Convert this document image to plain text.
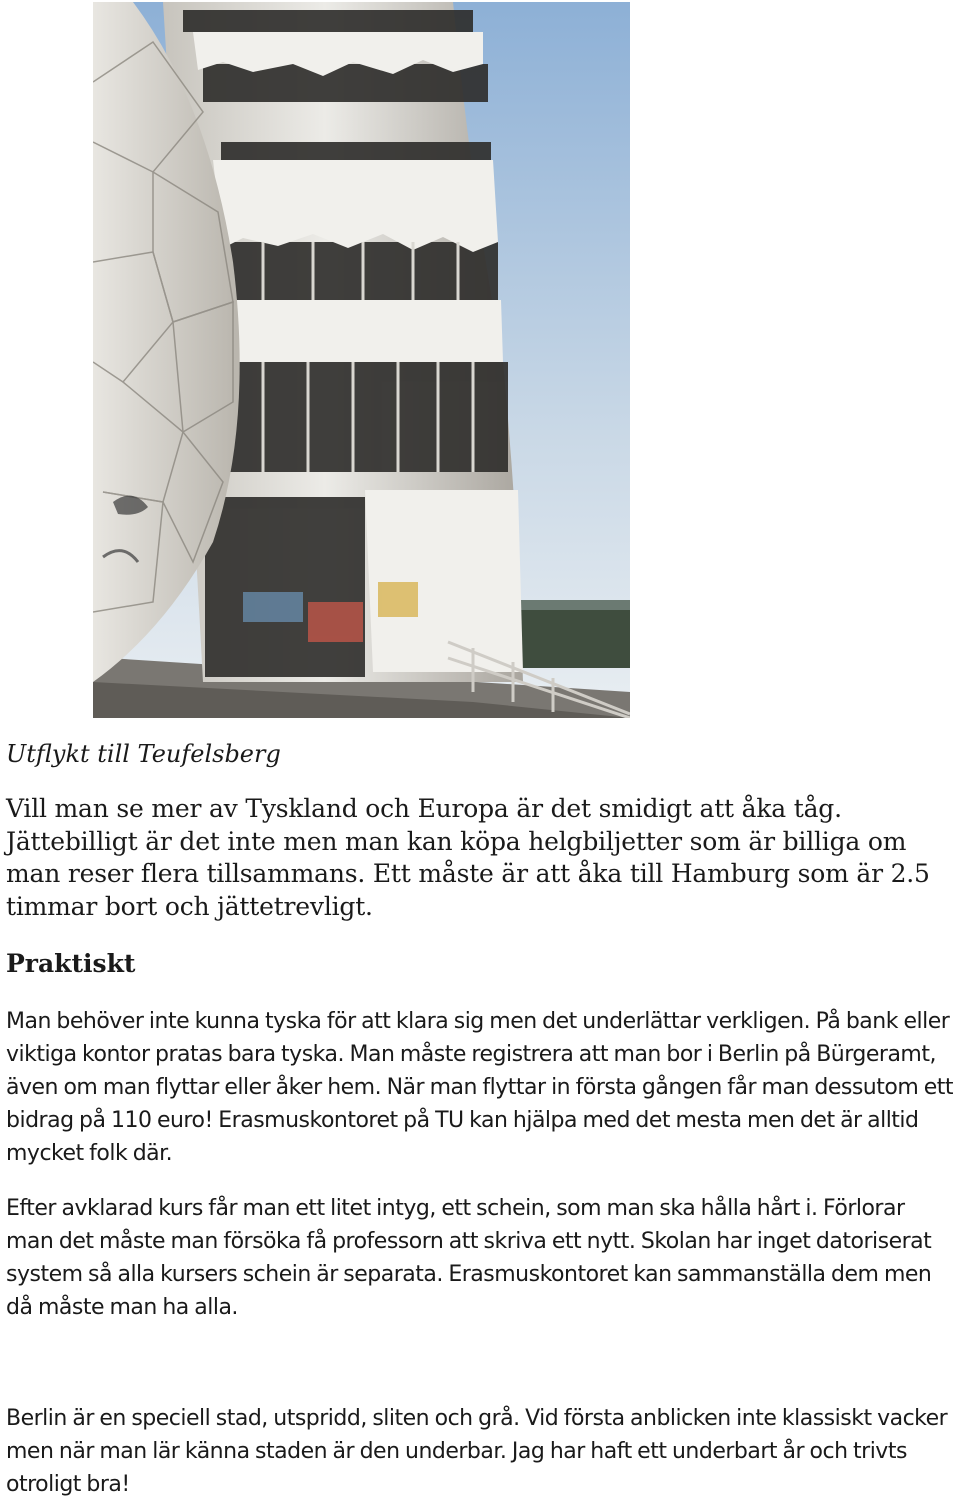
Utflykt till Teufelsberg

Vill man se mer av Tyskland och Europa är det smidigt att åka tåg. Jättebilligt är det inte men man kan köpa helgbiljetter som är billiga om man reser flera tillsammans. Ett måste är att åka till Hamburg som är 2.5 timmar bort och jättetrevligt.

Praktiskt

Man behöver inte kunna tyska för att klara sig men det underlättar verkligen. På bank eller viktiga kontor pratas bara tyska. Man måste registrera att man bor i Berlin på Bürgeramt, även om man flyttar eller åker hem. När man flyttar in första gången får man dessutom ett bidrag på 110 euro! Erasmuskontoret på TU kan hjälpa med det mesta men det är alltid mycket folk där.

Efter avklarad kurs får man ett litet intyg, ett schein, som man ska hålla hårt i. Förlorar man det måste man försöka få professorn att skriva ett nytt. Skolan har inget datoriserat system så alla kursers schein är separata. Erasmuskontoret kan sammanställa dem men då måste man ha alla.

Berlin är en speciell stad, utspridd, sliten och grå. Vid första anblicken inte klassiskt vacker men när man lär känna staden är den underbar. Jag har haft ett underbart år och trivts otroligt bra!
